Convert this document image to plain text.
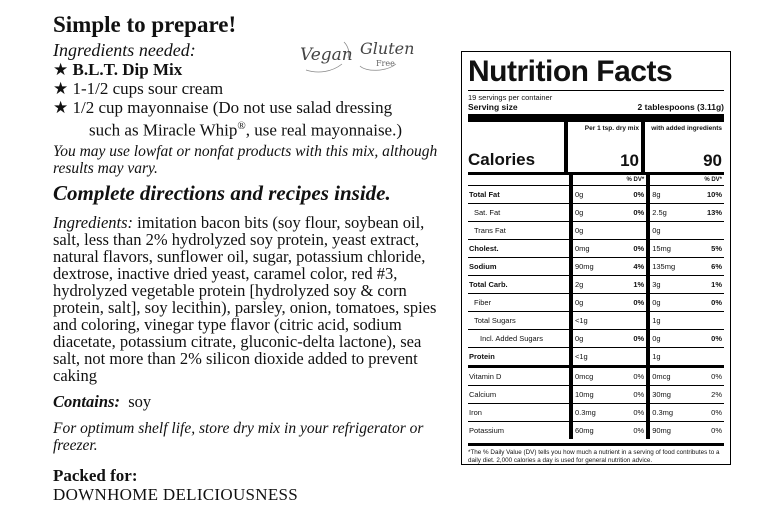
Simple to prepare!
Ingredients needed:
★ B.L.T. Dip Mix
★ 1-1/2 cups sour cream
★ 1/2 cup mayonnaise (Do not use salad dressing
such as Miracle Whip®, use real mayonnaise.)
You may use lowfat or nonfat products with this mix, although results may vary.
Complete directions and recipes inside.
Ingredients: imitation bacon bits (soy flour, soybean oil, salt, less than 2% hydrolyzed soy protein, yeast extract, natural flavors, sunflower oil, sugar, potassium chloride, dextrose, inactive dried yeast, caramel color, red #3, hydrolyzed vegetable protein [hydrolyzed soy & corn protein, salt], soy lecithin), parsley, onion, tomatoes, spies and coloring, vinegar type flavor (citric acid, sodium diacetate, potassium citrate, gluconic-delta lactone), sea salt, not more than 2% silicon dioxide added to prevent caking
Contains: soy
For optimum shelf life, store dry mix in your refrigerator or freezer.
Packed for:
DOWNHOME DELICIOUSNESS
Vegan Gluten
Free Nutrition Facts
19 servings per container
Serving size	2 tablespoons (3.11g)
Calories
Per 1 tsp. dry mix
10
with added ingredients
90
		% DV*		% DV*
Total Fat	0g	0%	8g	10%
Sat. Fat	0g	0%	2.5g	13%
Trans Fat	0g		0g	
Cholest.	0mg	0%	15mg	5%
Sodium	90mg	4%	135mg	6%
Total Carb.	2g	1%	3g	1%
Fiber	0g	0%	0g	0%
Total Sugars	<1g		1g	
Incl. Added Sugars	0g	0%	0g	0%
Protein	<1g		1g	
Vitamin D	0mcg	0%	0mcg	0%
Calcium	10mg	0%	30mg	2%
Iron	0.3mg	0%	0.3mg	0%
Potassium	60mg	0%	90mg	0%
*The % Daily Value (DV) tells you how much a nutrient in a serving of food contributes to a daily diet. 2,000 calories a day is used for general nutrition advice.
